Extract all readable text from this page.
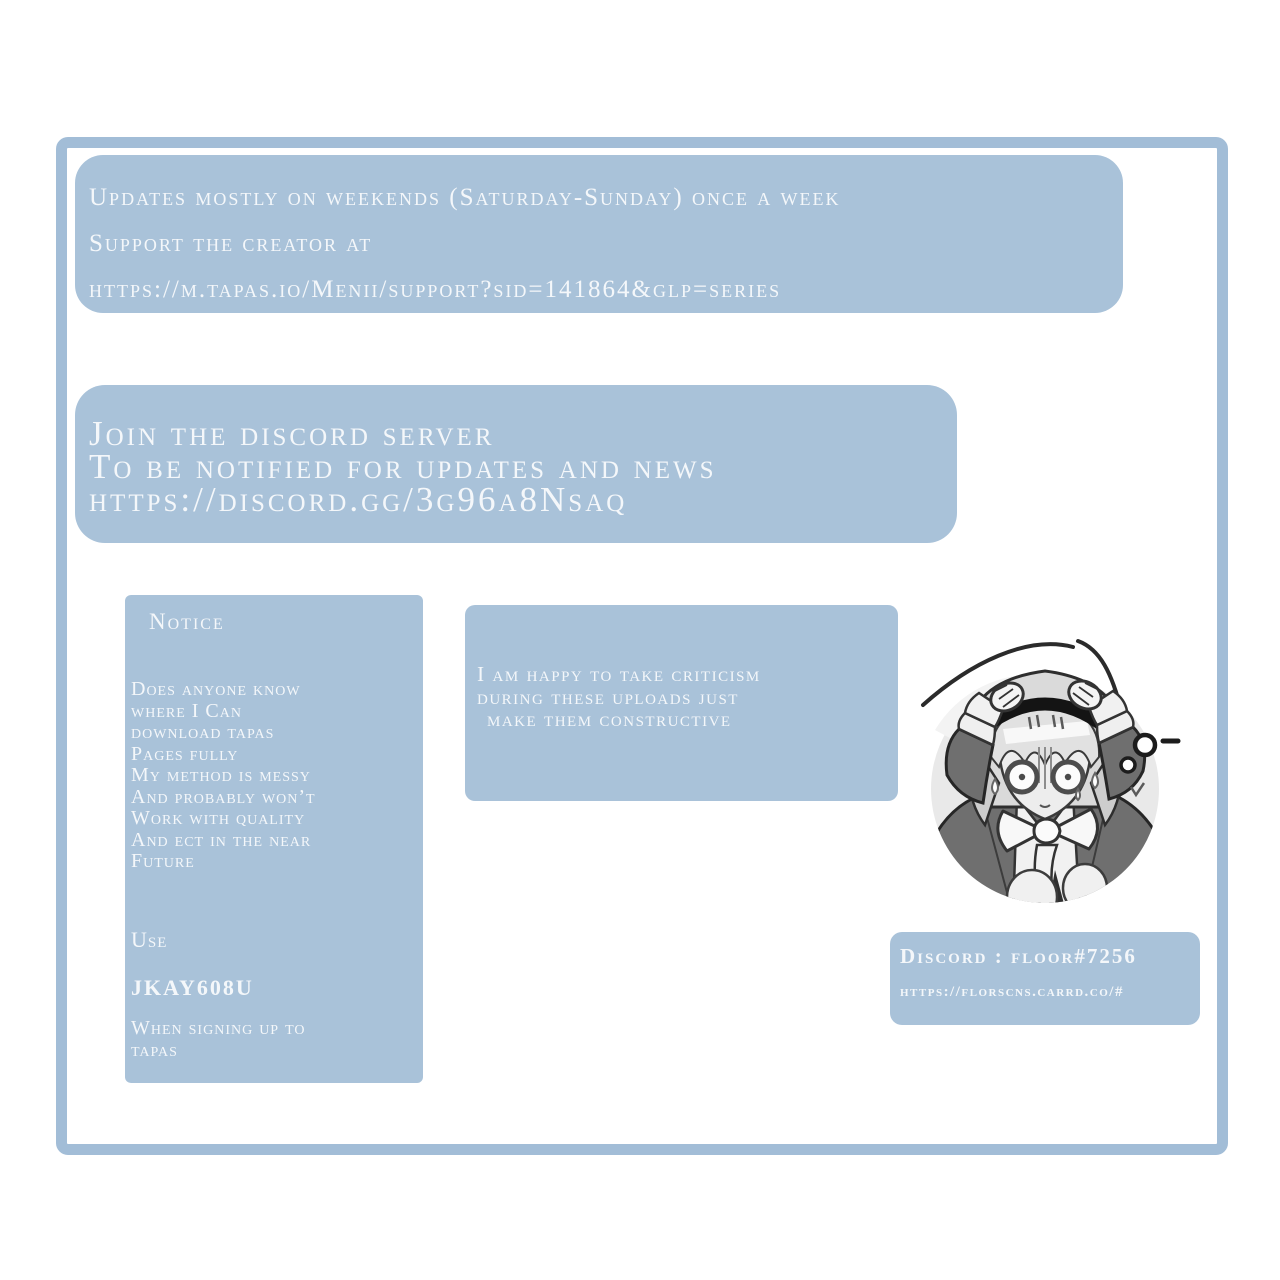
Updates mostly on weekends (Saturday-Sunday) once a week
Support the creator at
https://m.tapas.io/Menii/support?sid=141864&glp=series
Join the discord server
To be notified for updates and news
https://discord.gg/3g96a8Nsaq
Notice
Does anyone know
where I Can
download tapas
Pages fully
My method is messy
And probably won’t
Work with quality
And ect in the near
Future
Use
JKAY608U
When signing up to
tapas
I am happy to take criticism
during these uploads just
make them constructive
Discord : floor#7256
https://florscns.carrd.co/#
